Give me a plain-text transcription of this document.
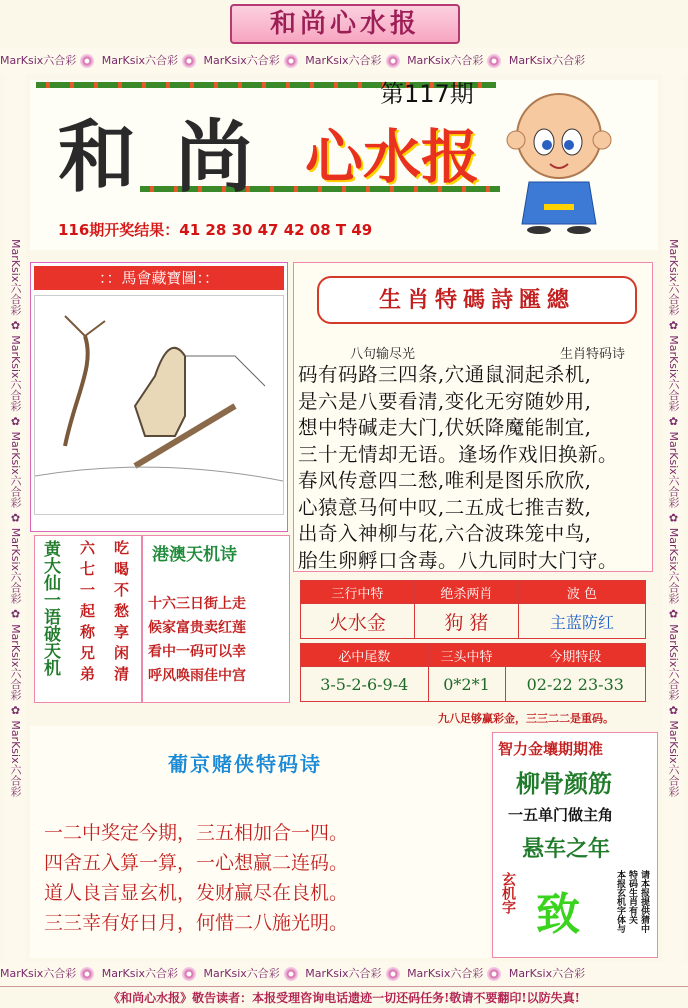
MarKsix六合彩 MarKsix六合彩 MarKsix六合彩 MarKsix六合彩 MarKsix六合彩 MarKsix六合彩
MarKsix六合彩 MarKsix六合彩 MarKsix六合彩 MarKsix六合彩 MarKsix六合彩 MarKsix六合彩
MarKsix六合彩 ✿ MarKsix六合彩 ✿ MarKsix六合彩 ✿ MarKsix六合彩 ✿ MarKsix六合彩 ✿ MarKsix六合彩
MarKsix六合彩 ✿ MarKsix六合彩 ✿ MarKsix六合彩 ✿ MarKsix六合彩 ✿ MarKsix六合彩 ✿ MarKsix六合彩
和尚心水报
和 尚 心水报
第117期
116期开奖结果：41 28 30 47 42 08 T 49
：：馬會藏寶圖：：
生肖特碼詩匯總
八句输尽光	生肖特码诗
码有码路三四条,穴通鼠洞起杀机,
是六是八要看清,变化无穷随妙用,
想中特碱走大门,伏妖降魔能制宜,
三十无情却无语。逢场作戏旧换新。
春风传意四二愁,唯利是图乐欣欣,
心猿意马何中叹,二五成七推吉数,
出奇入神柳与花,六合波珠笼中鸟,
胎生卵孵口含毒。八九同时大门守。
黄大仙一语破天机 六七一起称兄弟 吃喝不愁享闲清 港澳天机诗
十六三日街上走
候家富贵卖红莲
看中一码可以幸
呼风唤雨佳中宫
三行中特	绝杀两肖	波 色
火水金	狗 猪	主蓝防红
必中尾数	三头中特	今期特段
3-5-2-6-9-4	0*2*1	02-22 23-33
九八足够赢彩金，三三二二是重码。
葡京赌侠特码诗
一二中奖定今期，三五相加合一四。
四舍五入算一算，一心想赢二连码。
道人良言显玄机，发财赢尽在良机。
三三幸有好日月，何惜二八施光明。
智力金壤期期准
柳骨颜筋
一五单门做主角
悬车之年
玄机字 致	请本报提供猜中
特码生肖有关
本报玄机字体与
《和尚心水报》敬告读者：本报受理咨询电话遗迹一切还码任务!敬请不要翻印!以防失真!
